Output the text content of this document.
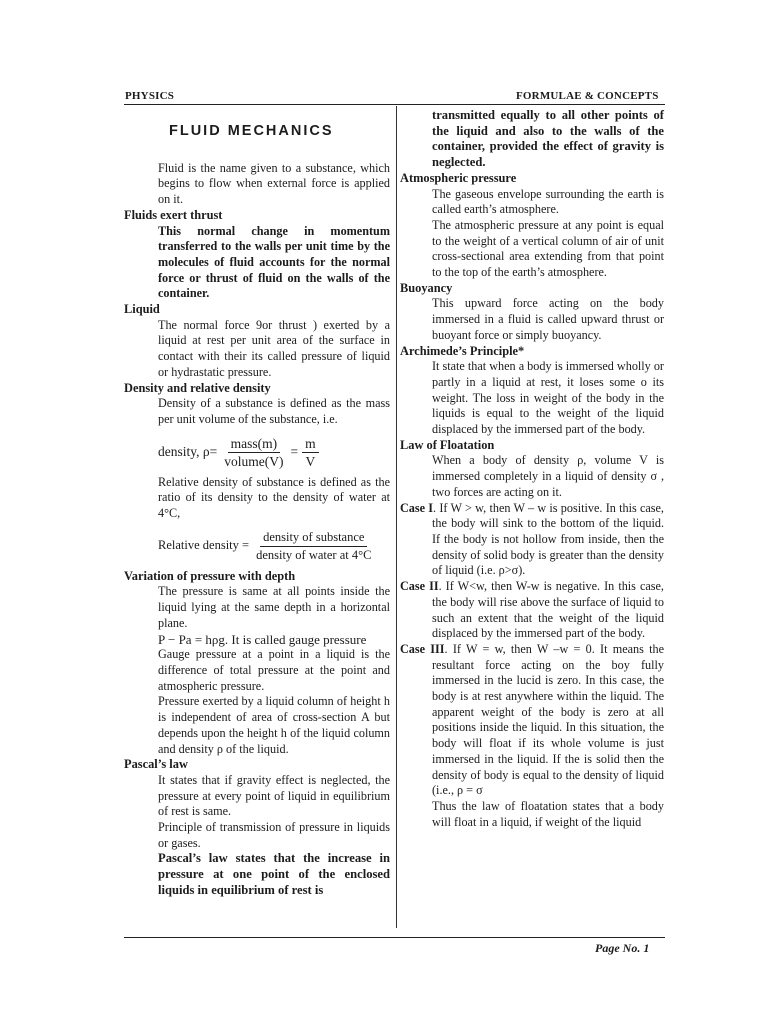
PHYSICS	FORMULAE & CONCEPTS
FLUID MECHANICS

Fluid is the name given to a substance, which begins to flow when external force is applied on it.

Fluids exert thrust

This normal change in momentum transferred to the walls per unit time by the molecules of fluid accounts for the normal force or thrust of fluid on the walls of the container.

Liquid

The normal force 9or thrust ) exerted by a liquid at rest per unit area of the surface in contact with their its called pressure of liquid or hydrastatic pressure.

Density and relative density

Density of a substance is defined as the mass per unit volume of the substance, i.e.

density, $\rho= \frac{\text{mass(m)}}{\text{volume(V)}} = \frac{m}{V}$

Relative density of substance is defined as the ratio of its density to the density of water at 4°C,

Relative density = $\frac{\text{density of substance}}{\text{density of water at 4°C}}$

Variation of pressure with depth

The pressure is same at all points inside the liquid lying at the same depth in a horizontal plane.

P − Pa = hρg. It is called gauge pressure

Gauge pressure at a point in a liquid is the difference of total pressure at the point and atmospheric pressure.

Pressure exerted by a liquid column of height h is independent of area of cross-section A but depends upon the height h of the liquid column and density ρ of the liquid.

Pascal’s law

It states that if gravity effect is neglected, the pressure at every point of liquid in equilibrium of rest is same.

Principle of transmission of pressure in liquids or gases.

Pascal’s law states that the increase in pressure at one point of the enclosed liquids in equilibrium of rest is

transmitted equally to all other points of the liquid and also to the walls of the container, provided the effect of gravity is neglected.

Atmospheric pressure

The gaseous envelope surrounding the earth is called earth’s atmosphere.

The atmospheric pressure at any point is equal to the weight of a vertical column of air of unit cross-sectional area extending from that point to the top of the earth’s atmosphere.

Buoyancy

This upward force acting on the body immersed in a fluid is called upward thrust or buoyant force or simply buoyancy.

Archimede’s Principle*

It state that when a body is immersed wholly or partly in a liquid at rest, it loses some o its weight. The loss in weight of the body in the liquids is equal to the weight of the liquid displaced by the immersed part of the body.

Law of Floatation

When a body of density ρ, volume V is immersed completely in a liquid of density σ , two forces are acting on it.

Case I. If W > w, then W – w is positive. In this case, the body will sink to the bottom of the liquid. If the body is not hollow from inside, then the density of solid body is greater than the density of liquid (i.e. ρ>σ).

Case II. If W<w, then W-w is negative. In this case, the body will rise above the surface of liquid to such an extent that the weight of the liquid displaced by the immersed part of the body.

Case III. If W = w, then W –w = 0. It means the resultant force acting on the boy fully immersed in the lucid is zero. In this case, the body is at rest anywhere within the liquid. The apparent weight of the body is zero at all positions inside the liquid. In this situation, the body will float if its whole volume is just immersed in the liquid. If the is solid then the density of body is equal to the density of liquid (i.e., ρ = σ

Thus the law of floatation states that a body will float in a liquid, if weight of the liquid

Page No. 1
